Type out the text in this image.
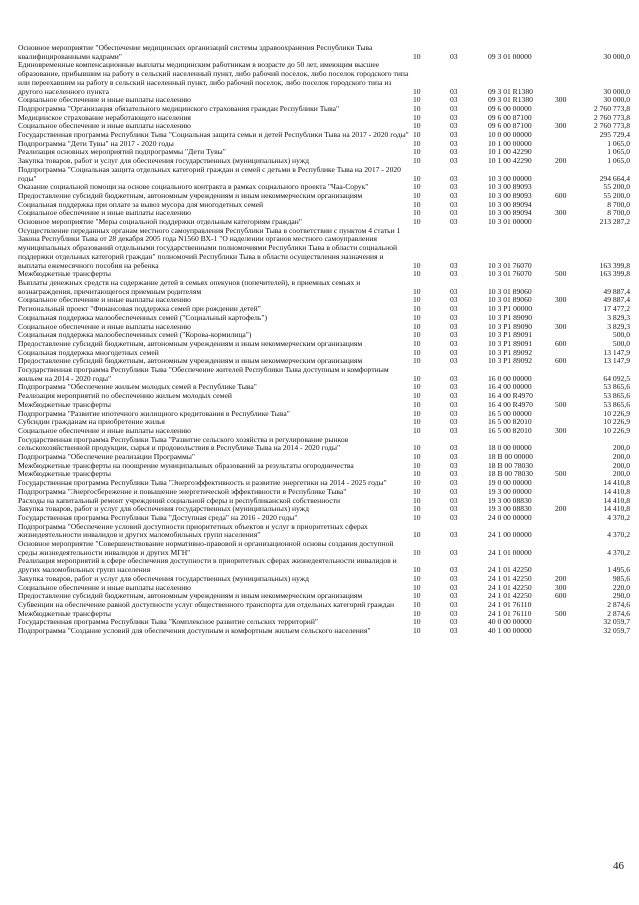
Основное мероприятие "Обеспечение медицинских организаций системы здравоохранения Республики Тыва квалифицированными кадрами"	10	03	09 3 01 00000	30 000,0
Единовременные компенсационные выплаты медицинским работникам в возрасте до 50 лет, имеющим высшее образование, прибывшим на работу в сельский населенный пункт, либо рабочий поселок, либо поселок городского типа или переехавшим на работу в сельский населенный пункт, либо рабочий поселок, либо поселок городского типа из другого населенного пункта	10	03	09 3 01 R1380	30 000,0
Социальное обеспечение и иные выплаты населению	10	03	09 3 01 R1380	300	30 000,0
Подпрограмма "Организация обязательного медицинского страхования граждан Республики Тыва"	10	03	09 6 00 00000	2 760 773,8
Медицинское страхование неработающего населения	10	03	09 6 00 87100	2 760 773,8
Социальное обеспечение и иные выплаты населению	10	03	09 6 00 87100	300	2 760 773,8
Государственная программа Республики Тыва "Социальная защита семьи и детей Республики Тыва на 2017 - 2020 годы" 10	03	10 0 00 00000	295 729,4
Подпрограмма "Дети Тувы" на 2017 - 2020 годы	10	03	10 1 00 00000	1 065,0
Реализация основных мероприятий подпрограммы "Дети Тувы"	10	03	10 1 00 42290	1 065,0
Закупка товаров, работ и услуг для обеспечения государственных (муниципальных) нужд	10	03	10 1 00 42290	200	1 065,0
Подпрограмма "Социальная защита отдельных категорий граждан и семей с детьми в Республике Тыва на 2017 - 2020 годы"	10	03	10 3 00 00000	294 664,4
Оказание социальной помощи на основе социального контракта в рамках социального проекта "Чаа-Сорук"	10	03	10 3 00 89093	55 200,0
Предоставление субсидий бюджетным, автономным учреждениям и иным некоммерческим организациям	10	03	10 3 00 89093	600	55 200,0
Социальная поддержка при оплате за вывоз мусора для многодетных семей	10	03	10 3 00 89094	8 700,0
Социальное обеспечение и иные выплаты населению	10	03	10 3 00 89094	300	8 700,0
Основное мероприятие "Меры социальной поддержки отдельным категориям граждан"	10	03	10 3 01 00000	213 287,2
Осуществление переданных органам местного самоуправления Республики Тыва в соответствии с пунктом 4 статьи 1 Закона Республики Тыва от 28 декабря 2005 года N1560 ВХ-1 "О наделении органов местного самоуправления муниципальных образований отдельными государственными полномочиями Республики Тыва в области социальной поддержки отдельных категорий граждан" полномочий Республики Тыва в области осуществления назначения и выплаты ежемесячного пособия на ребенка	10	03	10 3 01 76070	163 399,8
Межбюджетные трансферты	10	03	10 3 01 76070	500	163 399,8
Выплаты денежных средств на содержание детей в семьях опекунов (попечителей), в приемных семьях и вознаграждения, причитающегося приемным родителям	10	03	10 3 01 89060	49 887,4
Социальное обеспечение и иные выплаты населению	10	03	10 3 01 89060	300	49 887,4
Региональный проект "Финансовая поддержка семей при рождении детей"	10	03	10 3 P1 00000	17 477,2
Социальная поддержка малообеспеченных семей ("Социальный картофель")	10	03	10 3 P1 89090	3 829,3
Социальное обеспечение и иные выплаты населению	10	03	10 3 P1 89090	300	3 829,3
Социальная поддержка малообеспеченных семей ("Корова-кормилица")	10	03	10 3 P1 89091	500,0
Предоставление субсидий бюджетным, автономным учреждениям и иным некоммерческим организациям	10	03	10 3 P1 89091	600	500,0
Социальная поддержка многодетных семей	10	03	10 3 P1 89092	13 147,9
Предоставление субсидий бюджетным, автономным учреждениям и иным некоммерческим организациям	10	03	10 3 P1 89092	600	13 147,9
Государственная программа Республики Тыва "Обеспечение жителей Республики Тыва доступным и комфортным жильем на 2014 - 2020 годы"	10	03	16 0 00 00000	64 092,5
Подпрограмма "Обеспечение жильем молодых семей в Республике Тыва"	10	03	16 4 00 00000	53 865,6
Реализация мероприятий по обеспечению жильем молодых семей	10	03	16 4 00 R4970	53 865,6
Межбюджетные трансферты	10	03	16 4 00 R4970	500	53 865,6
Подпрограмма "Развитие ипотечного жилищного кредитования в Республике Тыва"	10	03	16 5 00 00000	10 226,9
Субсидии гражданам на приобретение жилья	10	03	16 5 00 82010	10 226,9
Социальное обеспечение и иные выплаты населению	10	03	16 5 00 82010	300	10 226,9
Государственная программа Республики Тыва "Развитие сельского хозяйства и регулирование рынков сельскохозяйственной продукции, сырья и продовольствия в Республике Тыва на 2014 - 2020 годы"	10	03	18 0 00 00000	200,0
Подпрограмма "Обеспечение реализации Программы"	10	03	18 В 00 00000	200,0
Межбюджетные трансферты на поощрение муниципальных образований за результаты огородничества	10	03	18 В 00 78030	200,0
Межбюджетные трансферты	10	03	18 В 00 78030	500	200,0
Государственная программа Республики Тыва "Энергоэффективность и развитие энергетики на 2014 - 2025 годы"	10	03	19 0 00 00000	14 410,8
Подпрограмма "Энергосбережение и повышение энергетической эффективности в Республике Тыва"	10	03	19 3 00 00000	14 410,8
Расходы на капитальный ремонт учреждений социальной сферы и республиканской собственности	10	03	19 3 00 08830	14 410,8
Закупка товаров, работ и услуг для обеспечения государственных (муниципальных) нужд	10	03	19 3 00 08830	200	14 410,8
Государственная программа Республики Тыва "Доступная среда" на 2016 - 2020 годы"	10	03	24 0 00 00000	4 370,2
Подпрограмма "Обеспечение условий доступности приоритетных объектов и услуг в приоритетных сферах жизнедеятельности инвалидов и других маломобильных групп населения"	10	03	24 1 00 00000	4 370,2
Основное мероприятие "Совершенствование нормативно-правовой и организационной основы создания доступной среды жизнедеятельности инвалидов и других МГН"	10	03	24 1 01 00000	4 370,2
Реализация мероприятий в сфере обеспечения доступности в приоритетных сферах жизнедеятельности инвалидов и других маломобильных групп населения	10	03	24 1 01 42250	1 495,6
Закупка товаров, работ и услуг для обеспечения государственных (муниципальных) нужд	10	03	24 1 01 42250	200	985,6
Социальное обеспечение и иные выплаты населению	10	03	24 1 01 42250	300	220,0
Предоставление субсидий бюджетным, автономным учреждениям и иным некоммерческим организациям	10	03	24 1 01 42250	600	290,0
Субвенции на обеспечение равной доступности услуг общественного транспорта для отдельных категорий граждан	10	03	24 1 01 76110	2 874,6
Межбюджетные трансферты	10	03	24 1 01 76110	500	2 874,6
Государственная программа Республики Тыва "Комплексное развитие сельских территорий"	10	03	40 0 00 00000	32 059,7
Подпрограмма "Создание условий для обеспечения доступным и комфортным жильем сельского населения"	10	03	40 1 00 00000	32 059,7
46
